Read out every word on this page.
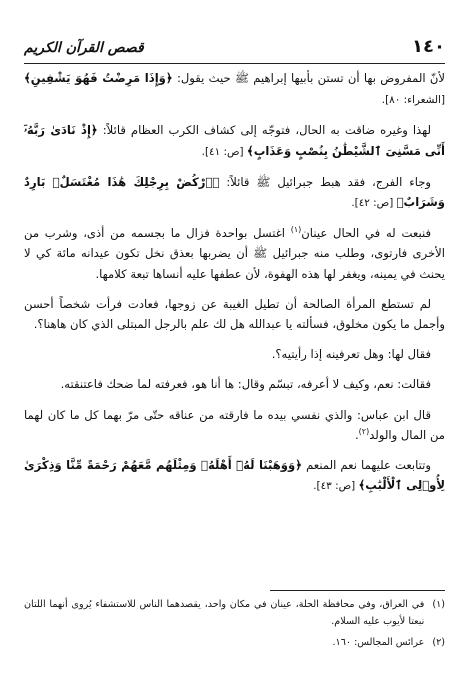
١٤٠
قصص القرآن الكريم

لأنّ المفروض بها أن تستن بأبيها إبراهيم ﷺ حيث يقول: ﴿وَإِذَا مَرِضْتُ فَهُوَ يَشْفِينِ﴾ [الشعراء: ٨٠].

لهذا وغيره ضاقت به الحال، فتوجّه إلى كشاف الكرب العظام قائلاً: ﴿إِذْ نَادَىٰ رَبَّهُۥٓ أَنِّى مَسَّنِىَ ٱلشَّيْطَٰنُ بِنُصْبٍ وَعَذَابٍ﴾ [ص: ٤١].

وجاء الفرج، فقد هبط جبرائيل ﷺ قائلاً: ﴿ٱرْكُضْ بِرِجْلِكَ هَٰذَا مُغْتَسَلٌۢ بَارِدٌ وَشَرَابٌ﴾ [ص: ٤٢].

فنبعت له في الحال عينان$^{(١)}$ اغتسل بواحدة فزال ما بجسمه من أذى، وشرب من الأخرى فارتوى، وطلب منه جبرائيل ﷺ أن يضربها بعذق نخل تكون عيدانه مائة كي لا يحنث في يمينه، ويغفر لها هذه الهفوة، لأن عطفها عليه أنساها تبعة كلامها.

لم تستطع المرأة الصالحة أن تطيل الغيبة عن زوجها، فعادت فرأت شخصاً أحسن وأجمل ما يكون مخلوق، فسألته يا عبدالله هل لك علم بالرجل المبتلى الذي كان هاهنا؟.

فقال لها: وهل تعرفينه إذا رأيتيه؟.

فقالت: نعم، وكيف لا أعرفه، تبسّم وقال: ها أنا هو، فعرفته لما ضحك فاعتنقته.

قال ابن عباس: والذي نفسي بيده ما فارقته من عناقه حتّى مرّ بهما كل ما كان لهما من المال والولد$^{(٢)}$.

وتتابعت عليهما نعم المنعم ﴿وَوَهَبْنَا لَهُۥٓ أَهْلَهُۥ وَمِثْلَهُم مَّعَهُمْ رَحْمَةً مِّنَّا وَذِكْرَىٰ لِأُو۟لِى ٱلْأَلْبَٰبِ﴾ [ص: ٤٣].

(١)
في العراق، وفي محافظة الحلة، عينان في مكان واحد، يقصدهما الناس للاستشفاء يُروى أنهما اللتان نبعتا لأيوب عليه السلام.
(٢)
عرائس المجالس: ١٦٠.
